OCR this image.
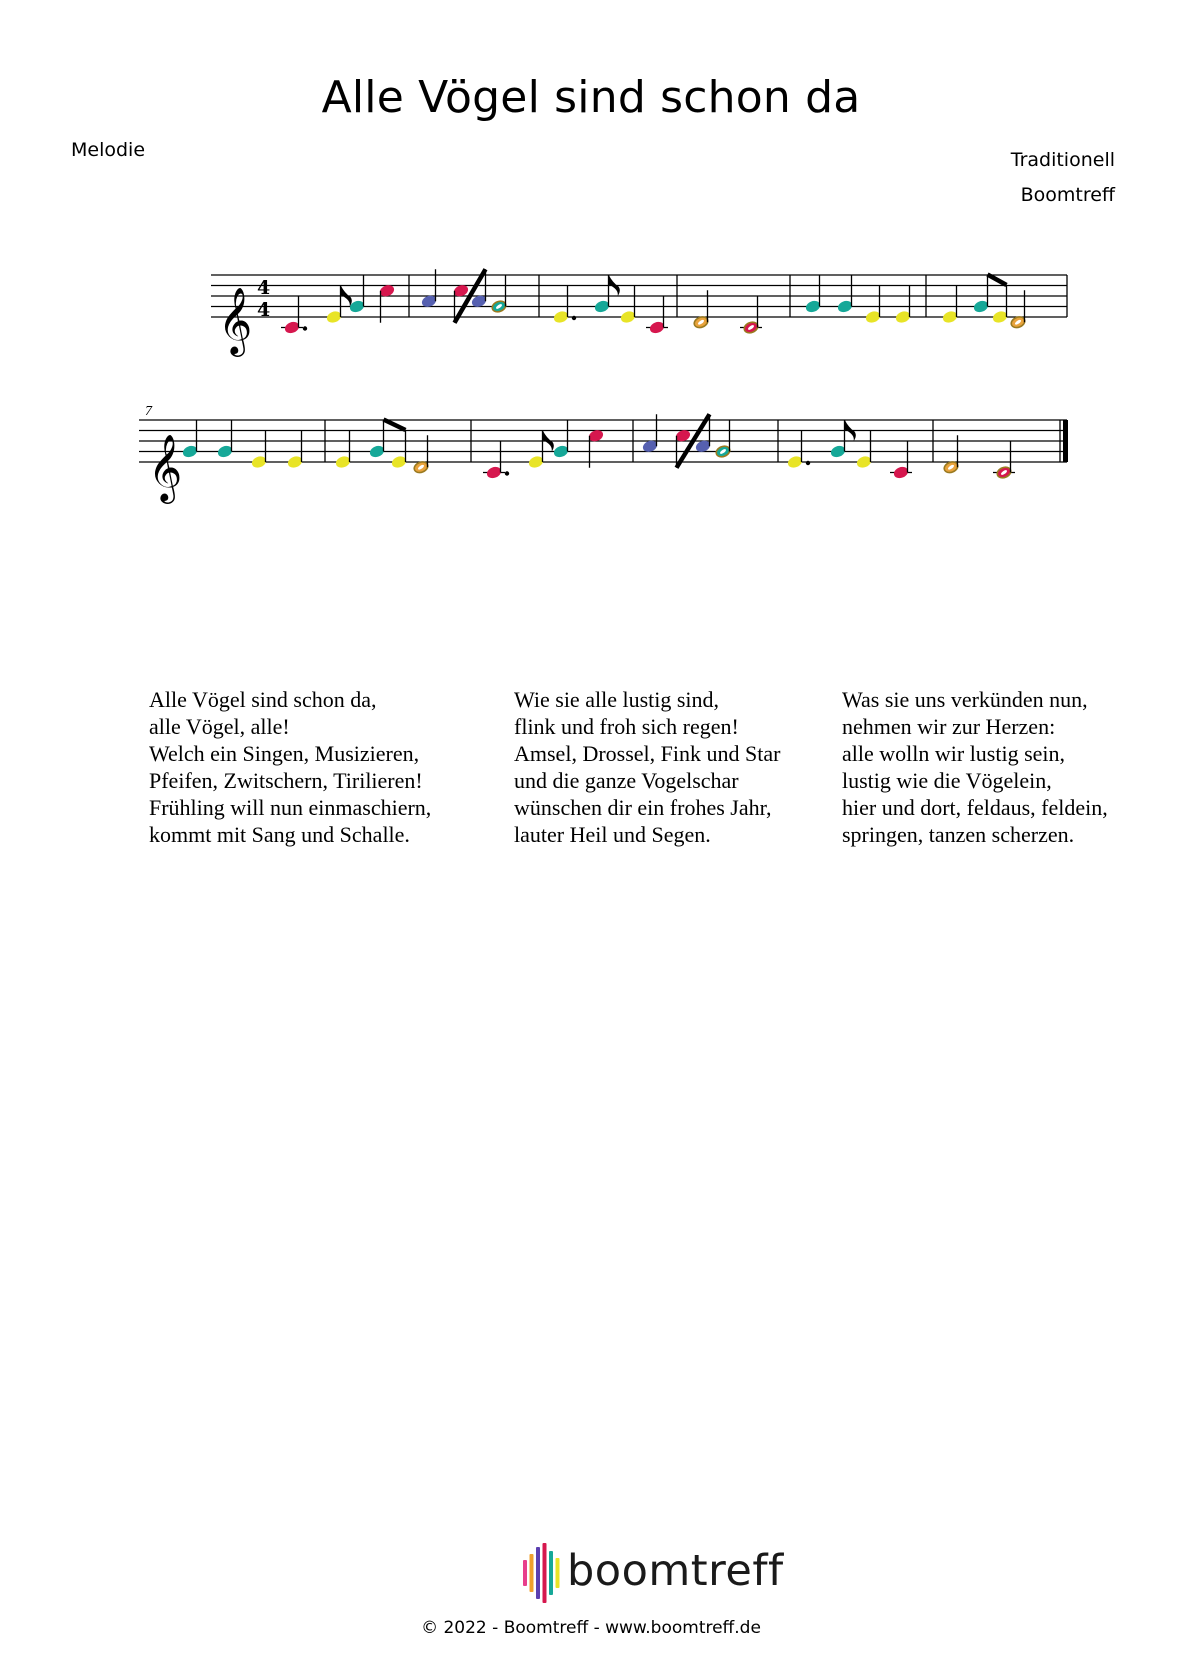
Alle Vögel sind schon da
Melodie	Traditionell
Boomtreff
𝄞
𝄞
4
4
7
Alle Vögel sind schon da,
alle Vögel, alle!
Welch ein Singen, Musizieren,
Pfeifen, Zwitschern, Tirilieren!
Frühling will nun einmaschiern,
kommt mit Sang und Schalle.
Wie sie alle lustig sind,
flink und froh sich regen!
Amsel, Drossel, Fink und Star
und die ganze Vogelschar
wünschen dir ein frohes Jahr,
lauter Heil und Segen.
Was sie uns verkünden nun,
nehmen wir zur Herzen:
alle wolln wir lustig sein,
lustig wie die Vögelein,
hier und dort, feldaus, feldein,
springen, tanzen scherzen.
boomtreff
© 2022 - Boomtreff - www.boomtreff.de
